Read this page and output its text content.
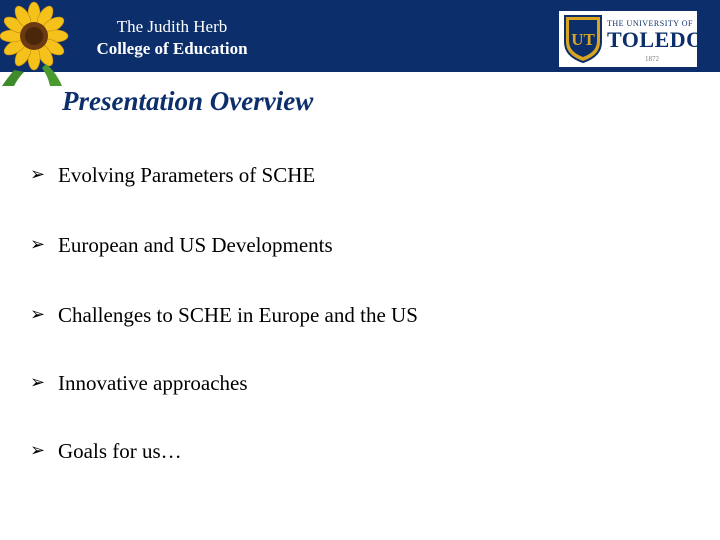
The Judith Herb
College of Education	UT
THE UNIVERSITY OF
TOLEDO
1872
Presentation Overview
➢ Evolving Parameters of SCHE
➢ European and US Developments
➢ Challenges to SCHE in Europe and the US
➢ Innovative approaches
➢ Goals for us…
